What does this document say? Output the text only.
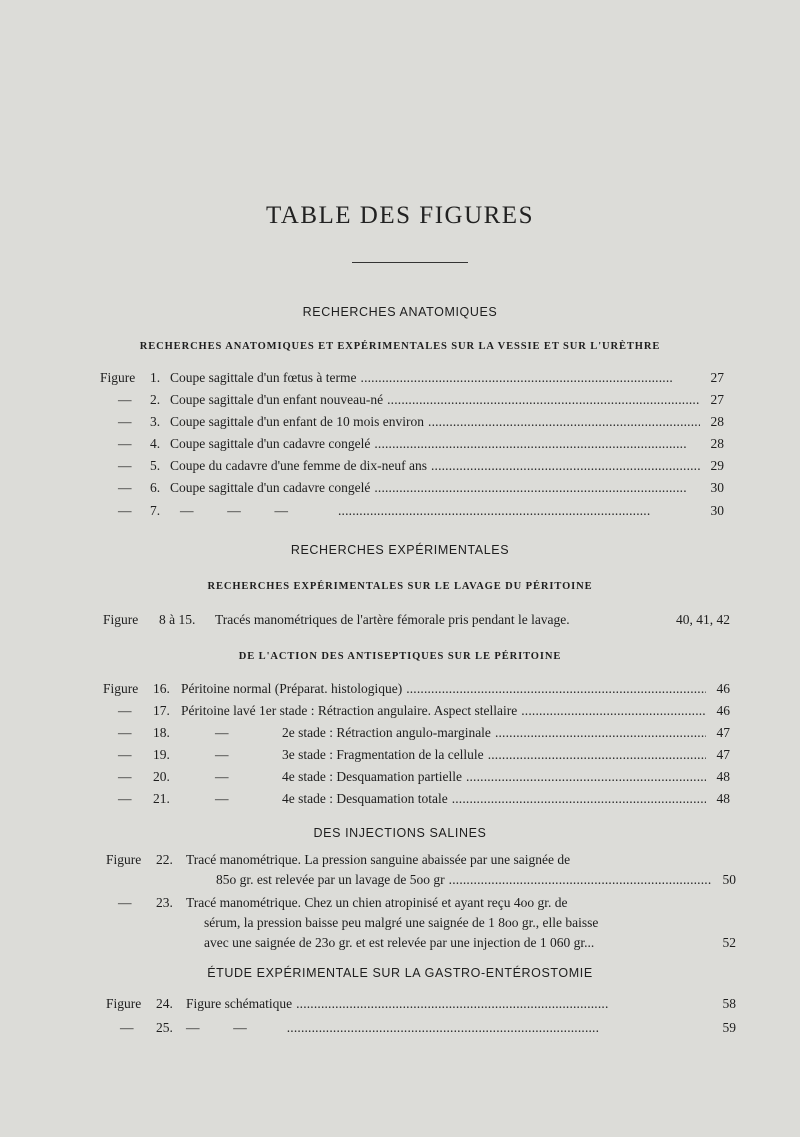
TABLE DES FIGURES
RECHERCHES ANATOMIQUES
RECHERCHES ANATOMIQUES ET EXPÉRIMENTALES SUR LA VESSIE ET SUR L'URÈTHRE
Figure	1. Coupe sagittale d'un fœtus à terme . . .	27
—	2. Coupe sagittale d'un enfant nouveau-né . . .	27
—	3. Coupe sagittale d'un enfant de 10 mois environ . . .	28
—	4. Coupe sagittale d'un cadavre congelé . . .	28
—	5. Coupe du cadavre d'une femme de dix-neuf ans . . .	29
—	6. Coupe sagittale d'un cadavre congelé . . .	30
—	7.	—          —          — . . .	30
RECHERCHES EXPÉRIMENTALES
RECHERCHES EXPÉRIMENTALES SUR LE LAVAGE DU PÉRITOINE
Figure	8 à 15.	Tracés manométriques de l'artère fémorale pris pendant le lavage.	40, 41, 42
DE L'ACTION DES ANTISEPTIQUES SUR LE PÉRITOINE
Figure	16. Péritoine normal (Préparat. histologique) . . .	46
—	17. Péritoine lavé 1er stade : Rétraction angulaire. Aspect stellaire . . .	46
—	18.	—	2e stade : Rétraction angulo-marginale . . .	47
—	19.	—	3e stade : Fragmentation de la cellule . . .	47
—	20.	—	4e stade : Desquamation partielle . . .	48
—	21.	—	4e stade : Desquamation totale . . .	48
DES INJECTIONS SALINES
Figure	22. Tracé manométrique. La pression sanguine abaissée par une saignée de
85o gr. est relevée par un lavage de 5oo gr . . .	50
—	23. Tracé manométrique. Chez un chien atropinisé et ayant reçu 4oo gr. de
sérum, la pression baisse peu malgré une saignée de 1 8oo gr., elle baisse
avec une saignée de 23o gr. et est relevée par une injection de 1 060 gr...	52
ÉTUDE EXPÉRIMENTALE SUR LA GASTRO-ENTÉROSTOMIE
Figure	24. Figure schématique . . .	58
—	25. —          — . . .	59
